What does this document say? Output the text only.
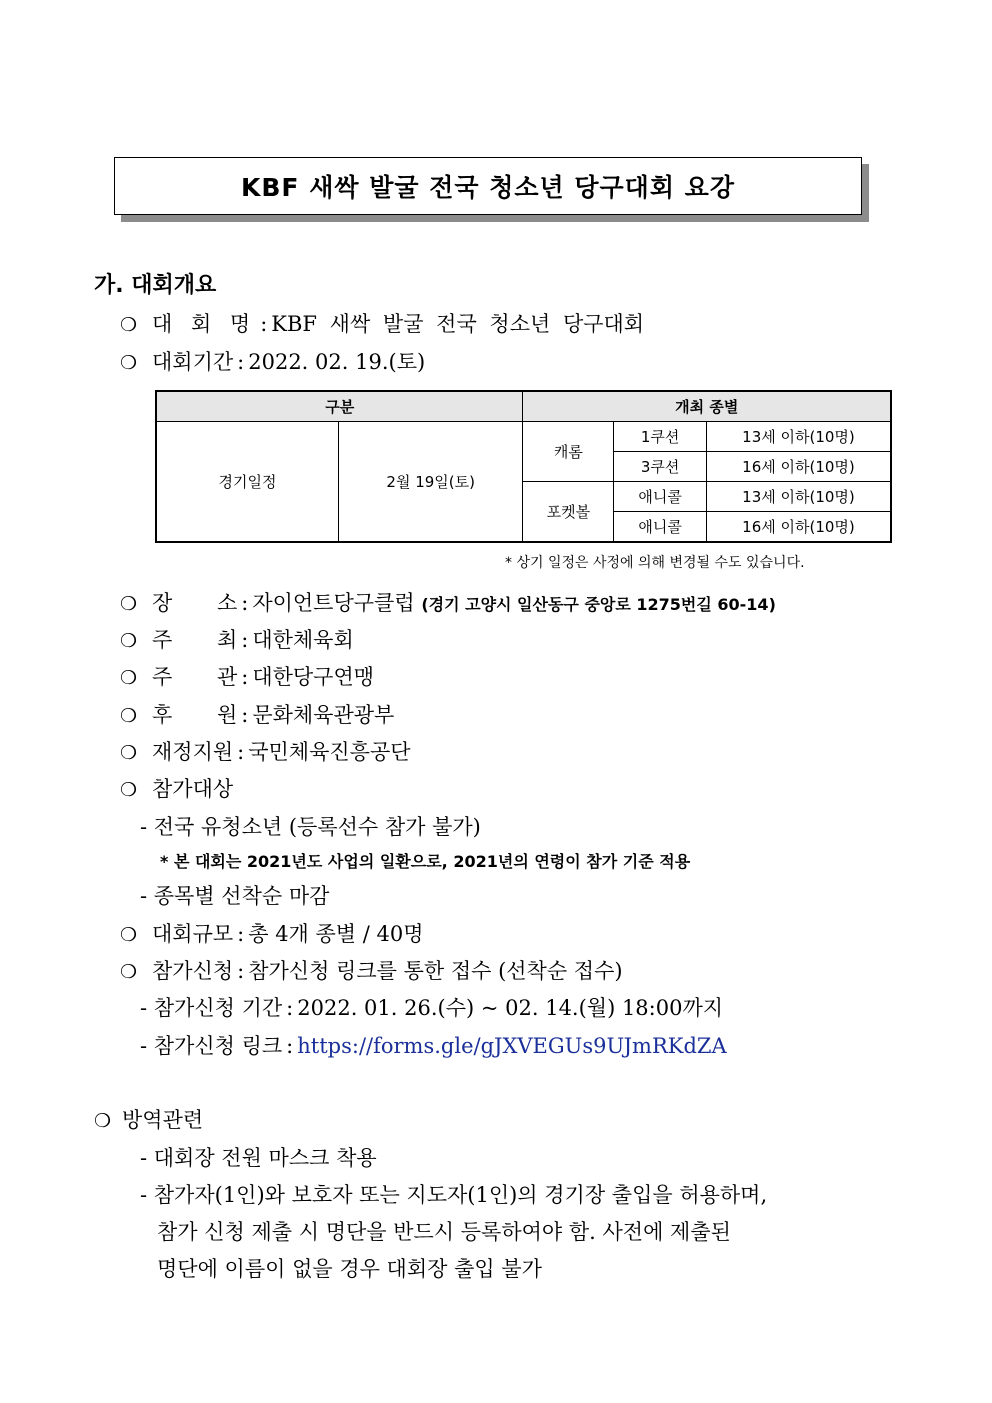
KBF 새싹 발굴 전국 청소년 당구대회 요강
가. 대회개요
❍ 대 회 명 : KBF 새싹 발굴 전국 청소년 당구대회
❍ 대회기간 : 2022. 02. 19.(토)
구분		개최 종별		
경기일정	2월 19일(토)	캐롬	1쿠션	13세 이하(10명)
			3쿠션	16세 이하(10명)
		포켓볼	애니콜	13세 이하(10명)
			애니콜	16세 이하(10명)
* 상기 일정은 사정에 의해 변경될 수도 있습니다.
❍ 장 소 : 자이언트당구클럽 (경기 고양시 일산동구 중앙로 1275번길 60-14)
❍ 주 최 : 대한체육회
❍ 주 관 : 대한당구연맹
❍ 후 원 : 문화체육관광부
❍ 재정지원 : 국민체육진흥공단
❍ 참가대상
- 전국 유청소년 (등록선수 참가 불가)
* 본 대회는 2021년도 사업의 일환으로, 2021년의 연령이 참가 기준 적용
- 종목별 선착순 마감
❍ 대회규모 : 총 4개 종별 / 40명
❍ 참가신청 : 참가신청 링크를 통한 접수 (선착순 접수)
- 참가신청 기간 : 2022. 01. 26.(수) ~ 02. 14.(월) 18:00까지
- 참가신청 링크 : https://forms.gle/gJXVEGUs9UJmRKdZA
❍ 방역관련
- 대회장 전원 마스크 착용
- 참가자(1인)와 보호자 또는 지도자(1인)의 경기장 출입을 허용하며,
참가 신청 제출 시 명단을 반드시 등록하여야 함. 사전에 제출된
명단에 이름이 없을 경우 대회장 출입 불가
